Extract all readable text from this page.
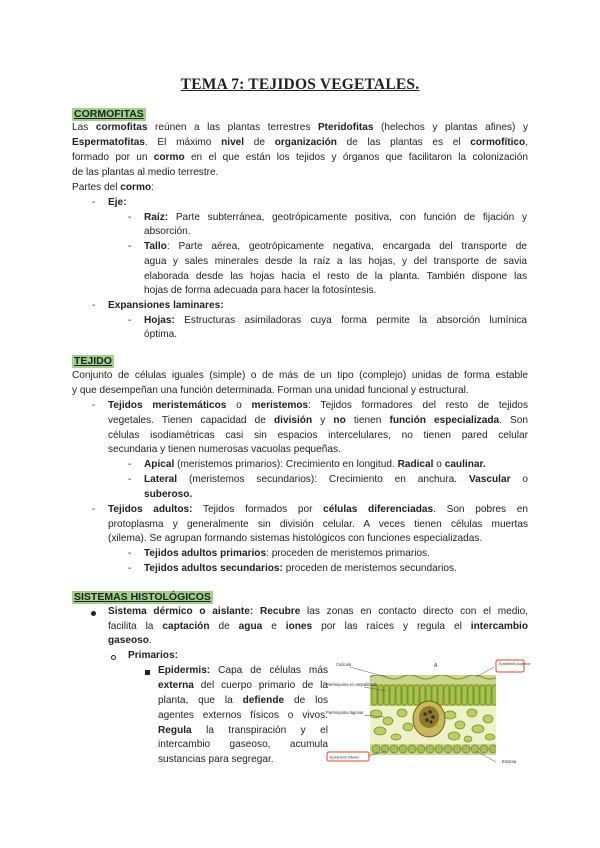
TEMA 7: TEJIDOS VEGETALES.
CORMOFITAS
Las cormofitas reúnen a las plantas terrestres Pteridofitas (helechos y plantas afines) y
Espermatofitas. El máximo nivel de organización de las plantas es el cormofítico,
formado por un cormo en el que están los tejidos y órganos que facilitaron la colonización
de las plantas al medio terrestre.
Partes del cormo:
- Eje:
- Raíz: Parte subterránea, geotrópicamente positiva, con función de fijación y
absorción.
- Tallo: Parte aérea, geotrópicamente negativa, encargada del transporte de
agua y sales minerales desde la raíz a las hojas, y del transporte de savia
elaborada desde las hojas hacia el resto de la planta. También dispone las
hojas de forma adecuada para hacer la fotosíntesis.
- Expansiones laminares:
- Hojas: Estructuras asimiladoras cuya forma permite la absorción lumínica
óptima.
TEJIDO
Conjunto de células iguales (simple) o de más de un tipo (complejo) unidas de forma estable
y que desempeñan una función determinada. Forman una unidad funcional y estructural.
- Tejidos meristemáticos o meristemos: Tejidos formadores del resto de tejidos
vegetales. Tienen capacidad de división y no tienen función especializada. Son
células isodiamétricas casi sin espacios intercelulares, no tienen pared celular
secundaria y tienen numerosas vacuolas pequeñas.
- Apical (meristemos primarios): Crecimiento en longitud. Radical o caulinar.
- Lateral (meristemos secundarios): Crecimiento en anchura. Vascular o
suberoso.
- Tejidos adultos: Tejidos formados por células diferenciadas. Son pobres en
protoplasma y generalmente sin división celular. A veces tienen células muertas
(xilema). Se agrupan formando sistemas histológicos con funciones especializadas.
- Tejidos adultos primarios: proceden de meristemos primarios.
- Tejidos adultos secundarios: proceden de meristemos secundarios.
SISTEMAS HISTOLÓGICOS
Sistema dérmico o aislante: Recubre las zonas en contacto directo con el medio,
facilita la captación de agua e iones por las raíces y regula el intercambio
gaseoso.
Primarios:
Epidermis: Capa de células más
externa del cuerpo primario de la
planta, que la defiende de los
agentes externos físicos o vivos.
Regula la transpiración y el
intercambio gaseoso, acumula
sustancias para segregar.
Cutícula	A
Parénquima en empalizada
Parénquima lagunar
Estoma
Epidermis superior
Epidermis inferior
